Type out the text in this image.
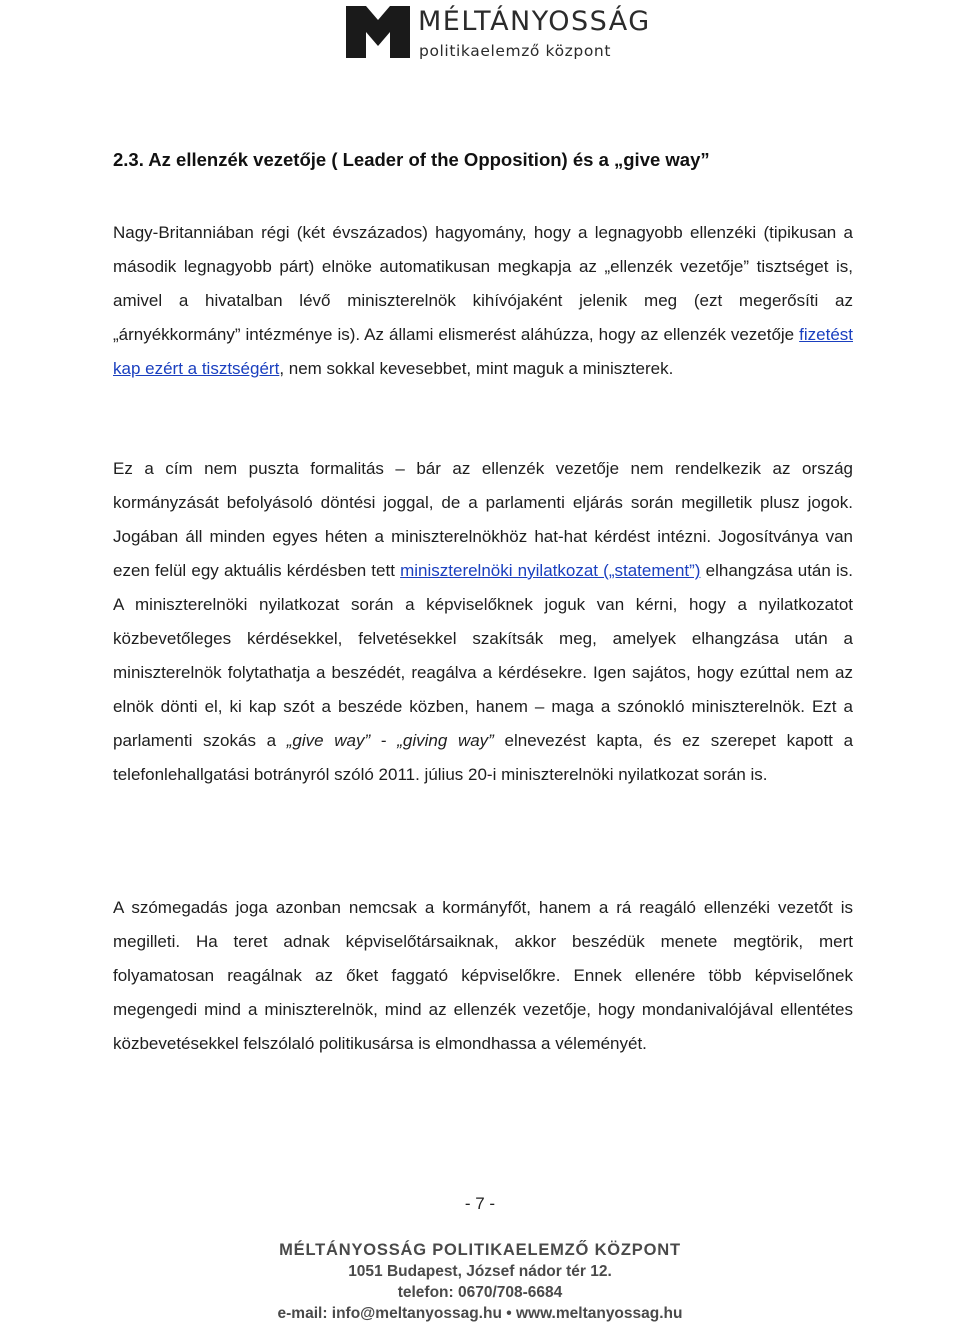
MÉLTÁNYOSSÁG
politikaelemző központ
2.3. Az ellenzék vezetője ( Leader of the Opposition) és a „give way”

Nagy-Britanniában régi (két évszázados) hagyomány, hogy a legnagyobb ellenzéki (tipikusan a második legnagyobb párt) elnöke automatikusan megkapja az „ellenzék vezetője” tisztséget is, amivel a hivatalban lévő miniszterelnök kihívójaként jelenik meg (ezt megerősíti az „árnyékkormány” intézménye is). Az állami elismerést aláhúzza, hogy az ellenzék vezetője fizetést kap ezért a tisztségért, nem sokkal kevesebbet, mint maguk a miniszterek.

Ez a cím nem puszta formalitás – bár az ellenzék vezetője nem rendelkezik az ország kormányzását befolyásoló döntési joggal, de a parlamenti eljárás során megilletik plusz jogok. Jogában áll minden egyes héten a miniszterelnökhöz hat-hat kérdést intézni. Jogosítványa van ezen felül egy aktuális kérdésben tett miniszterelnöki nyilatkozat („statement”) elhangzása után is. A miniszterelnöki nyilatkozat során a képviselőknek joguk van kérni, hogy a nyilatkozatot közbevetőleges kérdésekkel, felvetésekkel szakítsák meg, amelyek elhangzása után a miniszterelnök folytathatja a beszédét, reagálva a kérdésekre. Igen sajátos, hogy ezúttal nem az elnök dönti el, ki kap szót a beszéde közben, hanem – maga a szónokló miniszterelnök. Ezt a parlamenti szokás a „give way” - „giving way” elnevezést kapta, és ez szerepet kapott a telefonlehallgatási botrányról szóló 2011. július 20-i miniszterelnöki nyilatkozat során is.

A szómegadás joga azonban nemcsak a kormányfőt, hanem a rá reagáló ellenzéki vezetőt is megilleti. Ha teret adnak képviselőtársaiknak, akkor beszédük menete megtörik, mert folyamatosan reagálnak az őket faggató képviselőkre. Ennek ellenére több képviselőnek megengedi mind a miniszterelnök, mind az ellenzék vezetője, hogy mondanivalójával ellentétes közbevetésekkel felszólaló politikusársa is elmondhassa a véleményét.

- 7 -
MÉLTÁNYOSSÁG POLITIKAELEMZŐ KÖZPONT
1051 Budapest, József nádor tér 12.
telefon: 0670/708-6684
e-mail: info@meltanyossag.hu • www.meltanyossag.hu
